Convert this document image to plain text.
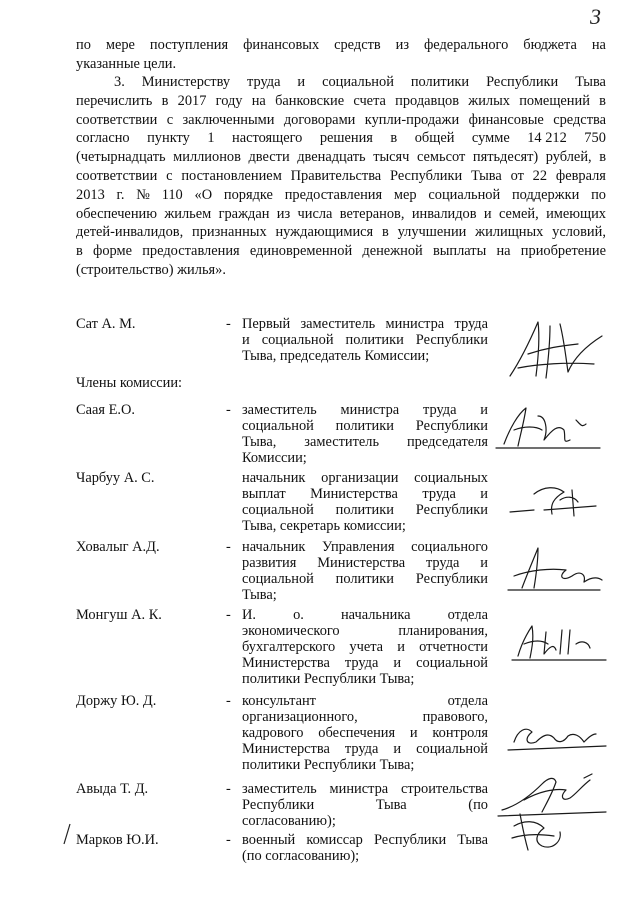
3
по мере поступления финансовых средств из федерального бюджета на
указанные цели.
3. Министерству труда и социальной политики Республики Тыва
перечислить в 2017 году на банковские счета продавцов жилых помещений в
соответствии с заключенными договорами купли-продажи финансовые средства
согласно пункту 1 настоящего решения в общей сумме 14 212 750
(четырнадцать миллионов двести двенадцать тысяч семьсот пятьдесят) рублей, в
соответствии с постановлением Правительства Республики Тыва от 22 февраля
2013 г. № 110 «О порядке предоставления мер социальной поддержки по
обеспечению жильем граждан из числа ветеранов, инвалидов и семей, имеющих
детей-инвалидов, признанных нуждающимися в улучшении жилищных условий,
в форме предоставления единовременной денежной выплаты на приобретение
(строительство) жилья».
Сат А. М.	- Первый заместитель министра труда
и социальной политики Республики
Тыва, председатель Комиссии;
Члены комиссии:
Саая Е.О.	- заместитель министра труда и
социальной политики Республики
Тыва, заместитель председателя
Комиссии;
Чарбуу А. С.	начальник организации социальных
выплат Министерства труда и
социальной политики Республики
Тыва, секретарь комиссии;
Ховалыг А.Д.	- начальник Управления социального
развития Министерства труда и
социальной политики Республики
Тыва;
Монгуш А. К.	- И.	о.	начальника	отдела
экономического	планирования,
бухгалтерского учета и отчетности
Министерства труда и социальной
политики Республики Тыва;
Доржу Ю. Д.	- консультант	отдела
организационного,	правового,
кадрового обеспечения и контроля
Министерства труда и социальной
политики Республики Тыва;
Авыда Т. Д.	- заместитель министра строительства
Республики	Тыва	(по
согласованию);
Марков Ю.И.	- военный комиссар Республики Тыва
(по согласованию);
